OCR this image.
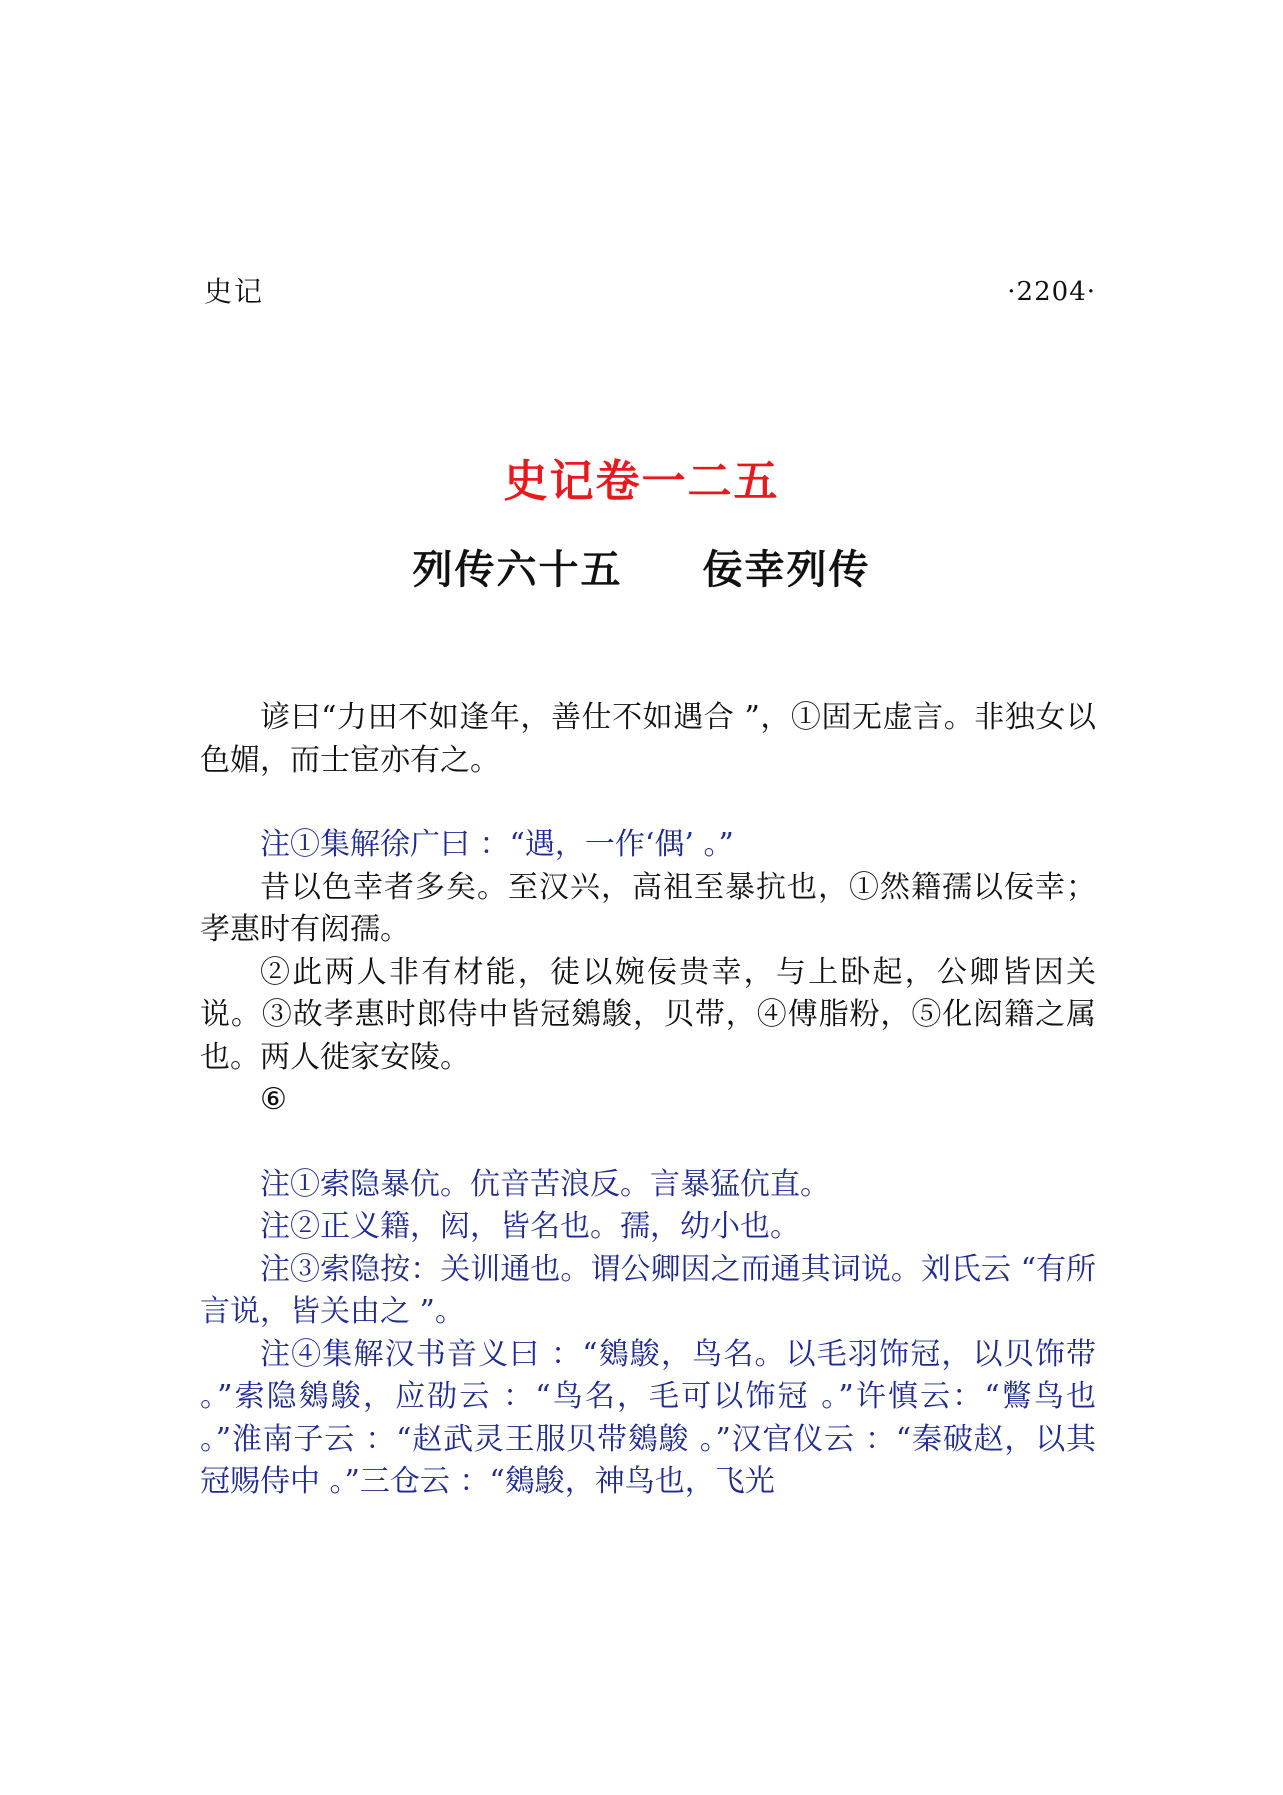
史记	·2204·
史记卷一二五
列传六十五 佞幸列传

谚曰“力田不如逢年，善仕不如遇合 ”，①固无虚言。非独女以色媚，而士宦亦有之。

注①集解徐广曰 ：“遇，一作‘偶’ 。”

昔以色幸者多矣。至汉兴，高祖至暴抗也，①然籍孺以佞幸；孝惠时有闳孺。

②此两人非有材能，徒以婉佞贵幸，与上卧起，公卿皆因关说。③故孝惠时郎侍中皆冠鵕鵔，贝带，④傅脂粉，⑤化闳籍之属也。两人徙家安陵。

⑥

注①索隐暴伉。伉音苦浪反。言暴猛伉直。

注②正义籍，闳，皆名也。孺，幼小也。

注③索隐按：关训通也。谓公卿因之而通其词说。刘氏云 “有所言说，皆关由之 ”。

注④集解汉书音义曰 ：“鵕鵔，鸟名。以毛羽饰冠，以贝饰带 。”索隐鵕鵔，应劭云 ：“鸟名，毛可以饰冠 。”许慎云：“鷩鸟也 。”淮南子云 ：“赵武灵王服贝带鵕鵔 。”汉官仪云 ：“秦破赵，以其冠赐侍中 。”三仓云 ：“鵕鵔，神鸟也，飞光
